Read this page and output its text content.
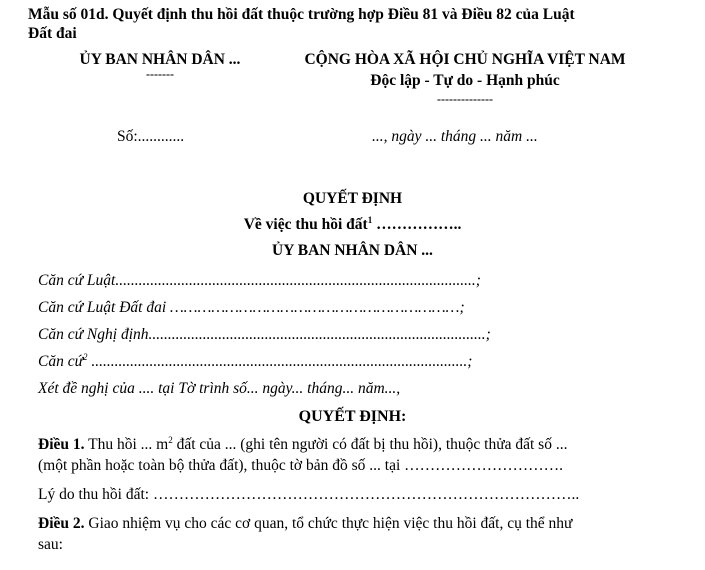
Mẫu số 01d. Quyết định thu hồi đất thuộc trường hợp Điều 81 và Điều 82 của Luật
Đất đai
ỦY BAN NHÂN DÂN ...
-------
CỘNG HÒA XÃ HỘI CHỦ NGHĨA VIỆT NAM
Độc lập - Tự do - Hạnh phúc
--------------
Số:............	..., ngày ... tháng ... năm ...
QUYẾT ĐỊNH
Về việc thu hồi đất$^1$ ……………..
ỦY BAN NHÂN DÂN ...
Căn cứ Luật.............................................................................................;
Căn cứ Luật Đất đai ………………………………………………………;
Căn cứ Nghị định.......................................................................................;
Căn cứ$^2$ .................................................................................................;
Xét đề nghị của .... tại Tờ trình số... ngày... tháng... năm...,
QUYẾT ĐỊNH:
Điều 1. Thu hồi ... $m^2$ đất của ... (ghi tên người có đất bị thu hồi), thuộc thửa đất số ...
(một phần hoặc toàn bộ thửa đất), thuộc tờ bản đồ số ... tại ………………………….
Lý do thu hồi đất: ………………………………………………………………………..
Điều 2. Giao nhiệm vụ cho các cơ quan, tổ chức thực hiện việc thu hồi đất, cụ thể như
sau:
